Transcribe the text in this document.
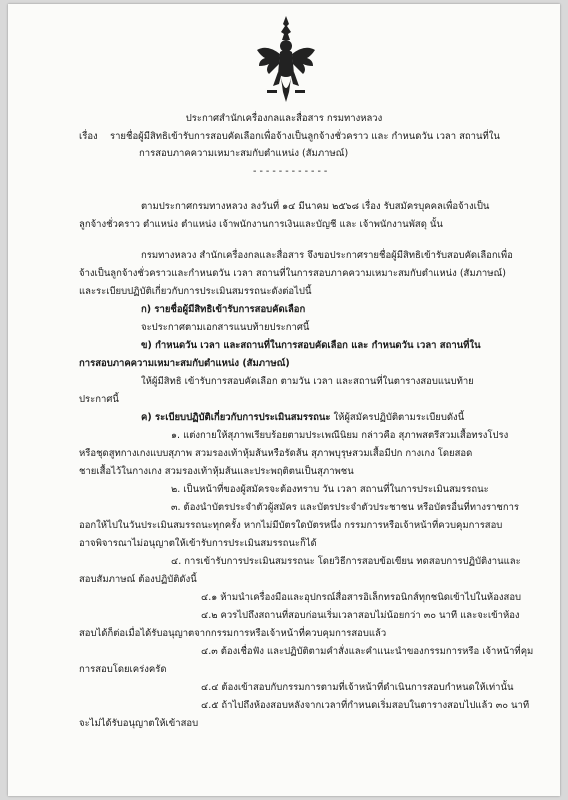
ประกาศสำนักเครื่องกลและสื่อสาร กรมทางหลวง
เรื่อง รายชื่อผู้มีสิทธิเข้ารับการสอบคัดเลือกเพื่อจ้างเป็นลูกจ้างชั่วคราว และ กำหนดวัน เวลา สถานที่ใน
การสอบภาคความเหมาะสมกับตำแหน่ง (สัมภาษณ์)
- - - - - - - - - - - -
ตามประกาศกรมทางหลวง ลงวันที่ ๑๔ มีนาคม ๒๕๖๘ เรื่อง รับสมัครบุคคลเพื่อจ้างเป็น
ลูกจ้างชั่วคราว ตำแหน่ง ตำแหน่ง เจ้าพนักงานการเงินและบัญชี และ เจ้าพนักงานพัสดุ นั้น
กรมทางหลวง สำนักเครื่องกลและสื่อสาร จึงขอประกาศรายชื่อผู้มีสิทธิเข้ารับสอบคัดเลือกเพื่อ
จ้างเป็นลูกจ้างชั่วคราวและกำหนดวัน เวลา สถานที่ในการสอบภาคความเหมาะสมกับตำแหน่ง (สัมภาษณ์)
และระเบียบปฏิบัติเกี่ยวกับการประเมินสมรรถนะดังต่อไปนี้
ก) รายชื่อผู้มีสิทธิเข้ารับการสอบคัดเลือก
จะประกาศตามเอกสารแนบท้ายประกาศนี้
ข) กำหนดวัน เวลา และสถานที่ในการสอบคัดเลือก และ กำหนดวัน เวลา สถานที่ใน
การสอบภาคความเหมาะสมกับตำแหน่ง (สัมภาษณ์)
ให้ผู้มีสิทธิ เข้ารับการสอบคัดเลือก ตามวัน เวลา และสถานที่ในตารางสอบแนบท้าย
ประกาศนี้
ค) ระเบียบปฏิบัติเกี่ยวกับการประเมินสมรรถนะ ให้ผู้สมัครปฏิบัติตามระเบียบดังนี้
๑. แต่งกายให้สุภาพเรียบร้อยตามประเพณีนิยม กล่าวคือ สุภาพสตรีสวมเสื้อทรงโปรง
หรือชุดสูทกางเกงแบบสุภาพ สวมรองเท้าหุ้มส้นหรือรัดส้น สุภาพบุรุษสวมเสื้อมีปก กางเกง โดยสอด
ชายเสื้อไว้ในกางเกง สวมรองเท้าหุ้มส้นและประพฤติตนเป็นสุภาพชน
๒. เป็นหน้าที่ของผู้สมัครจะต้องทราบ วัน เวลา สถานที่ในการประเมินสมรรถนะ
๓. ต้องนำบัตรประจำตัวผู้สมัคร และบัตรประจำตัวประชาชน หรือบัตรอื่นที่ทางราชการ
ออกให้ไปในวันประเมินสมรรถนะทุกครั้ง หากไม่มีบัตรใดบัตรหนึ่ง กรรมการหรือเจ้าหน้าที่ควบคุมการสอบ
อาจพิจารณาไม่อนุญาตให้เข้ารับการประเมินสมรรถนะก็ได้
๔. การเข้ารับการประเมินสมรรถนะ โดยวิธีการสอบข้อเขียน ทดสอบการปฏิบัติงานและ
สอบสัมภาษณ์ ต้องปฏิบัติดังนี้
๔.๑ ห้ามนำเครื่องมือและอุปกรณ์สื่อสารอิเล็กทรอนิกส์ทุกชนิดเข้าไปในห้องสอบ
๔.๒ ควรไปถึงสถานที่สอบก่อนเริ่มเวลาสอบไม่น้อยกว่า ๓๐ นาที และจะเข้าห้อง
สอบได้ก็ต่อเมื่อได้รับอนุญาตจากกรรมการหรือเจ้าหน้าที่ควบคุมการสอบแล้ว
๔.๓ ต้องเชื่อฟัง และปฏิบัติตามคำสั่งและคำแนะนำของกรรมการหรือ เจ้าหน้าที่คุม
การสอบโดยเคร่งครัด
๔.๔ ต้องเข้าสอบกับกรรมการตามที่เจ้าหน้าที่ดำเนินการสอบกำหนดให้เท่านั้น
๔.๕ ถ้าไปถึงห้องสอบหลังจากเวลาที่กำหนดเริ่มสอบในตารางสอบไปแล้ว ๓๐ นาที
จะไม่ได้รับอนุญาตให้เข้าสอบ
